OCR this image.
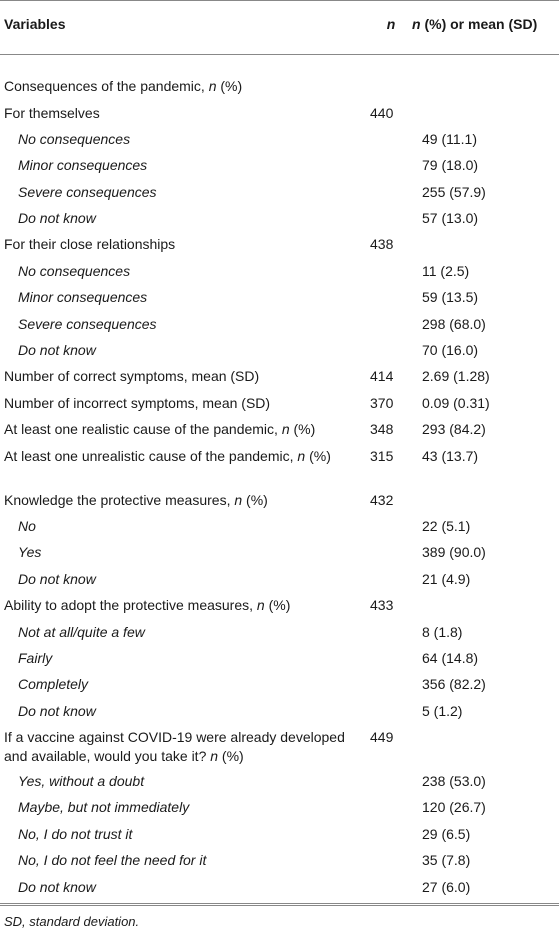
Variables	n	n (%) or mean (SD)
Consequences of the pandemic, n (%)		
For themselves	440	
No consequences		49 (11.1)
Minor consequences		79 (18.0)
Severe consequences		255 (57.9)
Do not know		57 (13.0)
For their close relationships	438	
No consequences		11 (2.5)
Minor consequences		59 (13.5)
Severe consequences		298 (68.0)
Do not know		70 (16.0)
Number of correct symptoms, mean (SD)	414	2.69 (1.28)
Number of incorrect symptoms, mean (SD)	370	0.09 (0.31)
At least one realistic cause of the pandemic, n (%)	348	293 (84.2)
At least one unrealistic cause of the pandemic, n (%)	315	43 (13.7)
Knowledge the protective measures, n (%)	432	
No		22 (5.1)
Yes		389 (90.0)
Do not know		21 (4.9)
Ability to adopt the protective measures, n (%)	433	
Not at all/quite a few		8 (1.8)
Fairly		64 (14.8)
Completely		356 (82.2)
Do not know		5 (1.2)
If a vaccine against COVID-19 were already developed and available, would you take it? n (%)	449	
Yes, without a doubt		238 (53.0)
Maybe, but not immediately		120 (26.7)
No, I do not trust it		29 (6.5)
No, I do not feel the need for it		35 (7.8)
Do not know		27 (6.0)
SD, standard deviation.
